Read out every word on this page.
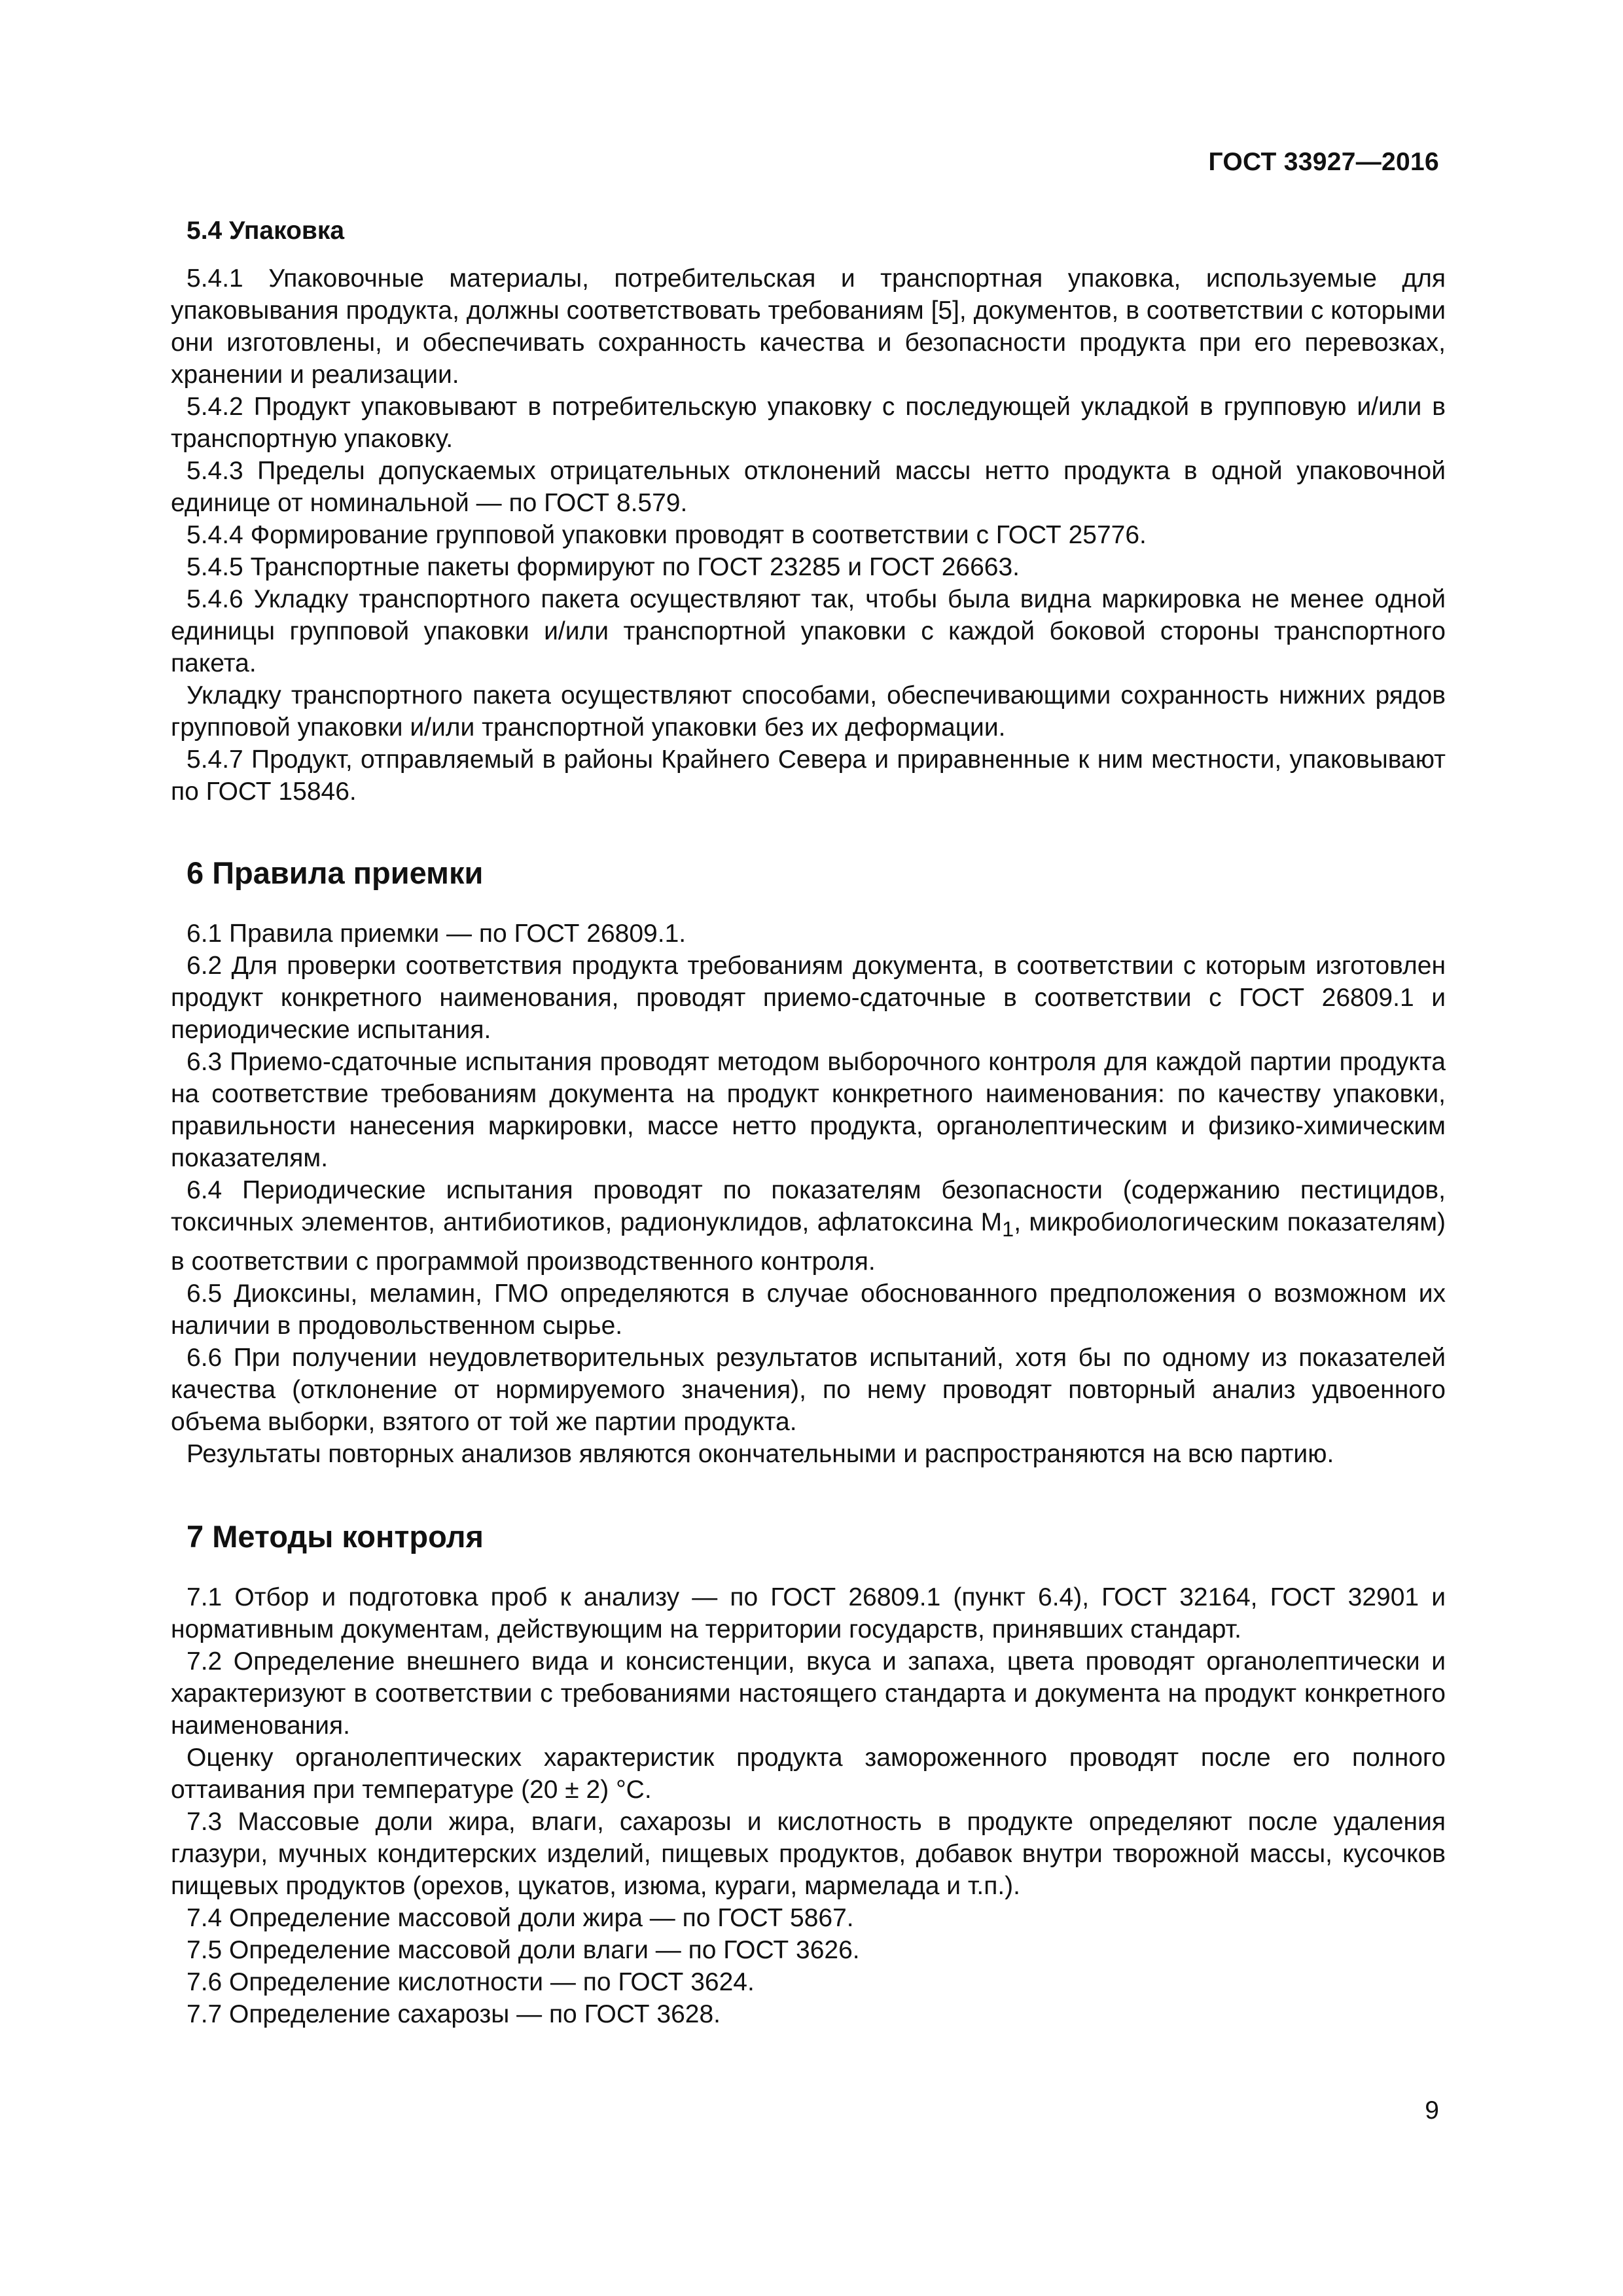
ГОСТ 33927—2016
5.4 Упаковка

5.4.1 Упаковочные материалы, потребительская и транспортная упаковка, используемые для упаковывания продукта, должны соответствовать требованиям [5], документов, в соответствии с которыми они изготовлены, и обеспечивать сохранность качества и безопасности продукта при его перевозках, хранении и реализации.

5.4.2 Продукт упаковывают в потребительскую упаковку с последующей укладкой в групповую и/или в транспортную упаковку.

5.4.3 Пределы допускаемых отрицательных отклонений массы нетто продукта в одной упаковочной единице от номинальной — по ГОСТ 8.579.

5.4.4 Формирование групповой упаковки проводят в соответствии с ГОСТ 25776.

5.4.5 Транспортные пакеты формируют по ГОСТ 23285 и ГОСТ 26663.

5.4.6 Укладку транспортного пакета осуществляют так, чтобы была видна маркировка не менее одной единицы групповой упаковки и/или транспортной упаковки с каждой боковой стороны транспортного пакета.

Укладку транспортного пакета осуществляют способами, обеспечивающими сохранность нижних рядов групповой упаковки и/или транспортной упаковки без их деформации.

5.4.7 Продукт, отправляемый в районы Крайнего Севера и приравненные к ним местности, упаковывают по ГОСТ 15846.

6 Правила приемки

6.1 Правила приемки — по ГОСТ 26809.1.

6.2 Для проверки соответствия продукта требованиям документа, в соответствии с которым изготовлен продукт конкретного наименования, проводят приемо-сдаточные в соответствии с ГОСТ 26809.1 и периодические испытания.

6.3 Приемо-сдаточные испытания проводят методом выборочного контроля для каждой партии продукта на соответствие требованиям документа на продукт конкретного наименования: по качеству упаковки, правильности нанесения маркировки, массе нетто продукта, органолептическим и физико-химическим показателям.

6.4 Периодические испытания проводят по показателям безопасности (содержанию пестицидов, токсичных элементов, антибиотиков, радионуклидов, афлатоксина $М_1$, микробиологическим показателям) в соответствии с программой производственного контроля.

6.5 Диоксины, меламин, ГМО определяются в случае обоснованного предположения о возможном их наличии в продовольственном сырье.

6.6 При получении неудовлетворительных результатов испытаний, хотя бы по одному из показателей качества (отклонение от нормируемого значения), по нему проводят повторный анализ удвоенного объема выборки, взятого от той же партии продукта.

Результаты повторных анализов являются окончательными и распространяются на всю партию.

7 Методы контроля

7.1 Отбор и подготовка проб к анализу — по ГОСТ 26809.1 (пункт 6.4), ГОСТ 32164, ГОСТ 32901 и нормативным документам, действующим на территории государств, принявших стандарт.

7.2 Определение внешнего вида и консистенции, вкуса и запаха, цвета проводят органолептически и характеризуют в соответствии с требованиями настоящего стандарта и документа на продукт конкретного наименования.

Оценку органолептических характеристик продукта замороженного проводят после его полного оттаивания при температуре (20 ± 2) °С.

7.3 Массовые доли жира, влаги, сахарозы и кислотность в продукте определяют после удаления глазури, мучных кондитерских изделий, пищевых продуктов, добавок внутри творожной массы, кусочков пищевых продуктов (орехов, цукатов, изюма, кураги, мармелада и т.п.).

7.4 Определение массовой доли жира — по ГОСТ 5867.

7.5 Определение массовой доли влаги — по ГОСТ 3626.

7.6 Определение кислотности — по ГОСТ 3624.

7.7 Определение сахарозы — по ГОСТ 3628.

9
